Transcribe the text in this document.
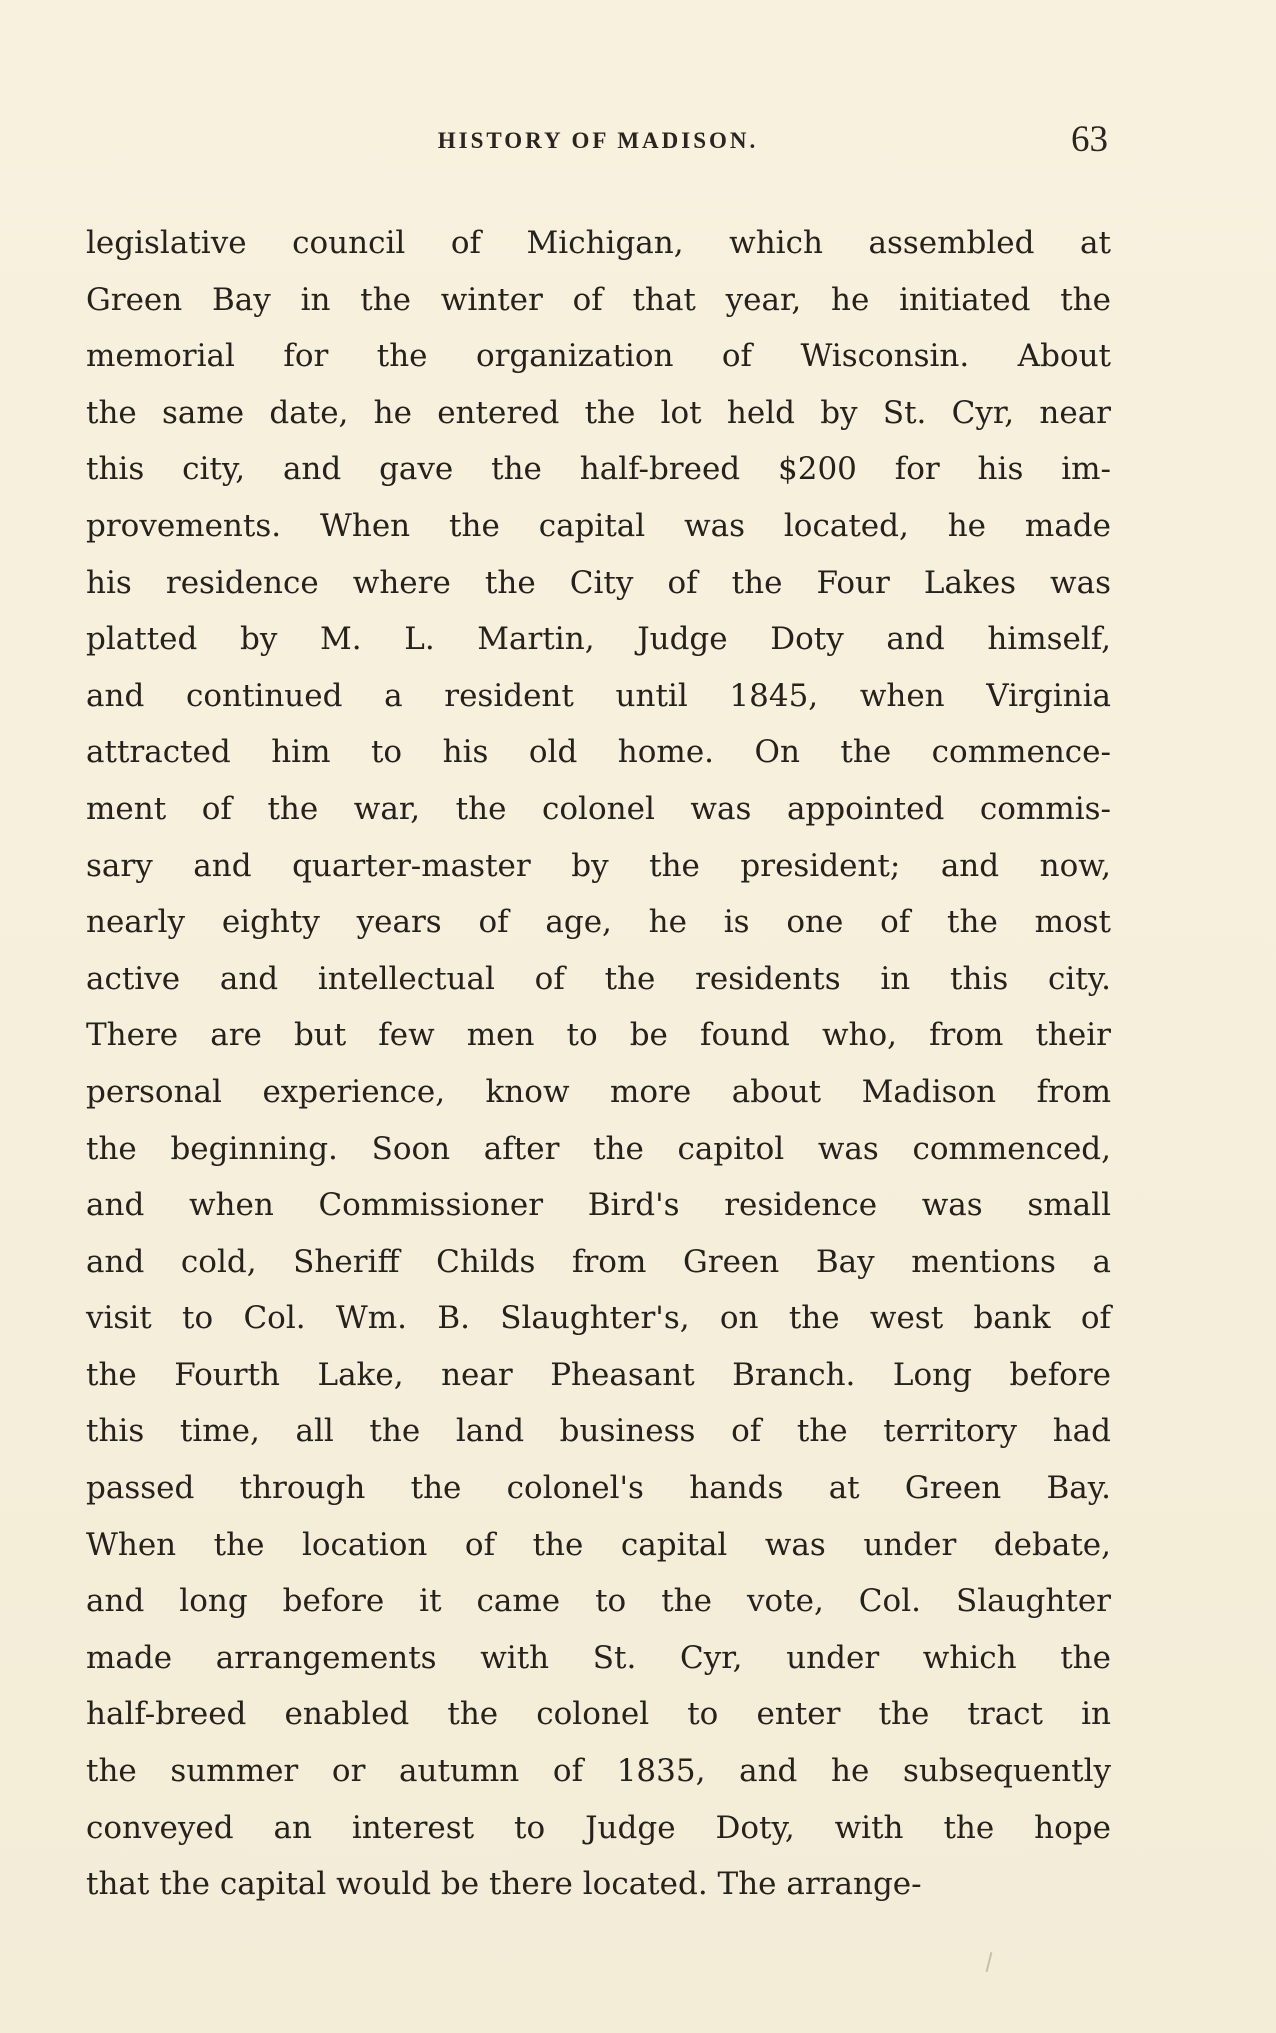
HISTORY OF MADISON.	63
legislative council of Michigan, which assembled at
Green Bay in the winter of that year, he initiated the
memorial for the organization of Wisconsin. About
the same date, he entered the lot held by St. Cyr, near
this city, and gave the half-breed $200 for his im-
provements. When the capital was located, he made
his residence where the City of the Four Lakes was
platted by M. L. Martin, Judge Doty and himself,
and continued a resident until 1845, when Virginia
attracted him to his old home. On the commence-
ment of the war, the colonel was appointed commis-
sary and quarter-master by the president; and now,
nearly eighty years of age, he is one of the most
active and intellectual of the residents in this city.
There are but few men to be found who, from their
personal experience, know more about Madison from
the beginning. Soon after the capitol was commenced,
and when Commissioner Bird's residence was small
and cold, Sheriff Childs from Green Bay mentions a
visit to Col. Wm. B. Slaughter's, on the west bank of
the Fourth Lake, near Pheasant Branch. Long before
this time, all the land business of the territory had
passed through the colonel's hands at Green Bay.
When the location of the capital was under debate,
and long before it came to the vote, Col. Slaughter
made arrangements with St. Cyr, under which the
half-breed enabled the colonel to enter the tract in
the summer or autumn of 1835, and he subsequently
conveyed an interest to Judge Doty, with the hope
that the capital would be there located. The arrange-
